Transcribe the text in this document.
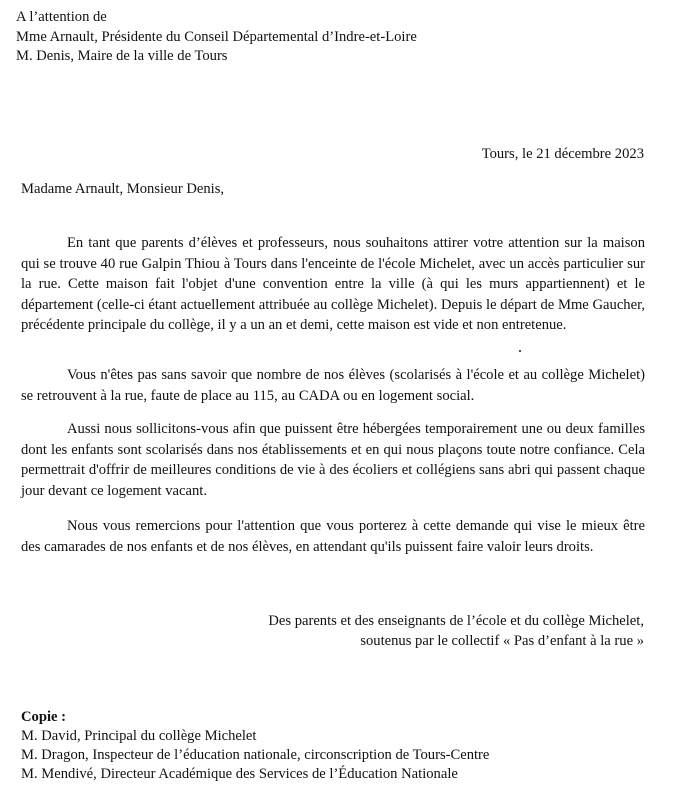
A l’attention de
Mme Arnault, Présidente du Conseil Départemental d’Indre-et-Loire
M. Denis, Maire de la ville de Tours
Tours, le 21 décembre 2023
Madame Arnault, Monsieur Denis,

En tant que parents d’élèves et professeurs, nous souhaitons attirer votre attention sur la maison qui se trouve 40 rue Galpin Thiou à Tours dans l'enceinte de l'école Michelet, avec un accès particulier sur la rue. Cette maison fait l'objet d'une convention entre la ville (à qui les murs appartiennent) et le département (celle-ci étant actuellement attribuée au collège Michelet). Depuis le départ de Mme Gaucher, précédente principale du collège, il y a un an et demi, cette maison est vide et non entretenue.

Vous n'êtes pas sans savoir que nombre de nos élèves (scolarisés à l'école et au collège Michelet) se retrouvent à la rue, faute de place au 115, au CADA ou en logement social.

Aussi nous sollicitons-vous afin que puissent être hébergées temporairement une ou deux familles dont les enfants sont scolarisés dans nos établissements et en qui nous plaçons toute notre confiance. Cela permettrait d'offrir de meilleures conditions de vie à des écoliers et collégiens sans abri qui passent chaque jour devant ce logement vacant.

Nous vous remercions pour l'attention que vous porterez à cette demande qui vise le mieux être des camarades de nos enfants et de nos élèves, en attendant qu'ils puissent faire valoir leurs droits.

Des parents et des enseignants de l’école et du collège Michelet,
soutenus par le collectif « Pas d’enfant à la rue »
Copie :
M. David, Principal du collège Michelet
M. Dragon, Inspecteur de l’éducation nationale, circonscription de Tours-Centre
M. Mendivé, Directeur Académique des Services de l’Éducation Nationale
